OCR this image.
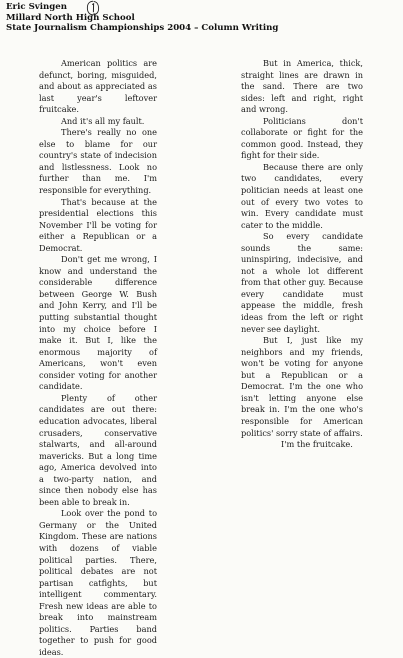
Eric Svingen
Millard North High School
State Journalism Championships 2004 – Column Writing

American politics are defunct, boring, misguided, and about as appreciated as last year's leftover fruitcake.

And it's all my fault.

There's really no one else to blame for our country's state of indecision and listlessness. Look no further than me. I'm responsible for everything.

That's because at the presidential elections this November I'll be voting for either a Republican or a Democrat.

Don't get me wrong, I know and understand the considerable difference between George W. Bush and John Kerry, and I'll be putting substantial thought into my choice before I make it. But I, like the enormous majority of Americans, won't even consider voting for another candidate.

Plenty of other candidates are out there: education advocates, liberal crusaders, conservative stalwarts, and all-around mavericks. But a long time ago, America devolved into a two-party nation, and since then nobody else has been able to break in.

Look over the pond to Germany or the United Kingdom. These are nations with dozens of viable political parties. There, political debates are not partisan catfights, but intelligent commentary. Fresh new ideas are able to break into mainstream politics. Parties band together to push for good ideas.

But in America, thick, straight lines are drawn in the sand. There are two sides: left and right, right and wrong.

Politicians don't collaborate or fight for the common good. Instead, they fight for their side.

Because there are only two candidates, every politician needs at least one out of every two votes to win. Every candidate must cater to the middle.

So every candidate sounds the same: uninspiring, indecisive, and not a whole lot different from that other guy. Because every candidate must appease the middle, fresh ideas from the left or right never see daylight.

But I, just like my neighbors and my friends, won't be voting for anyone but a Republican or a Democrat. I'm the one who isn't letting anyone else break in. I'm the one who's responsible for American politics' sorry state of affairs.

I'm the fruitcake.
